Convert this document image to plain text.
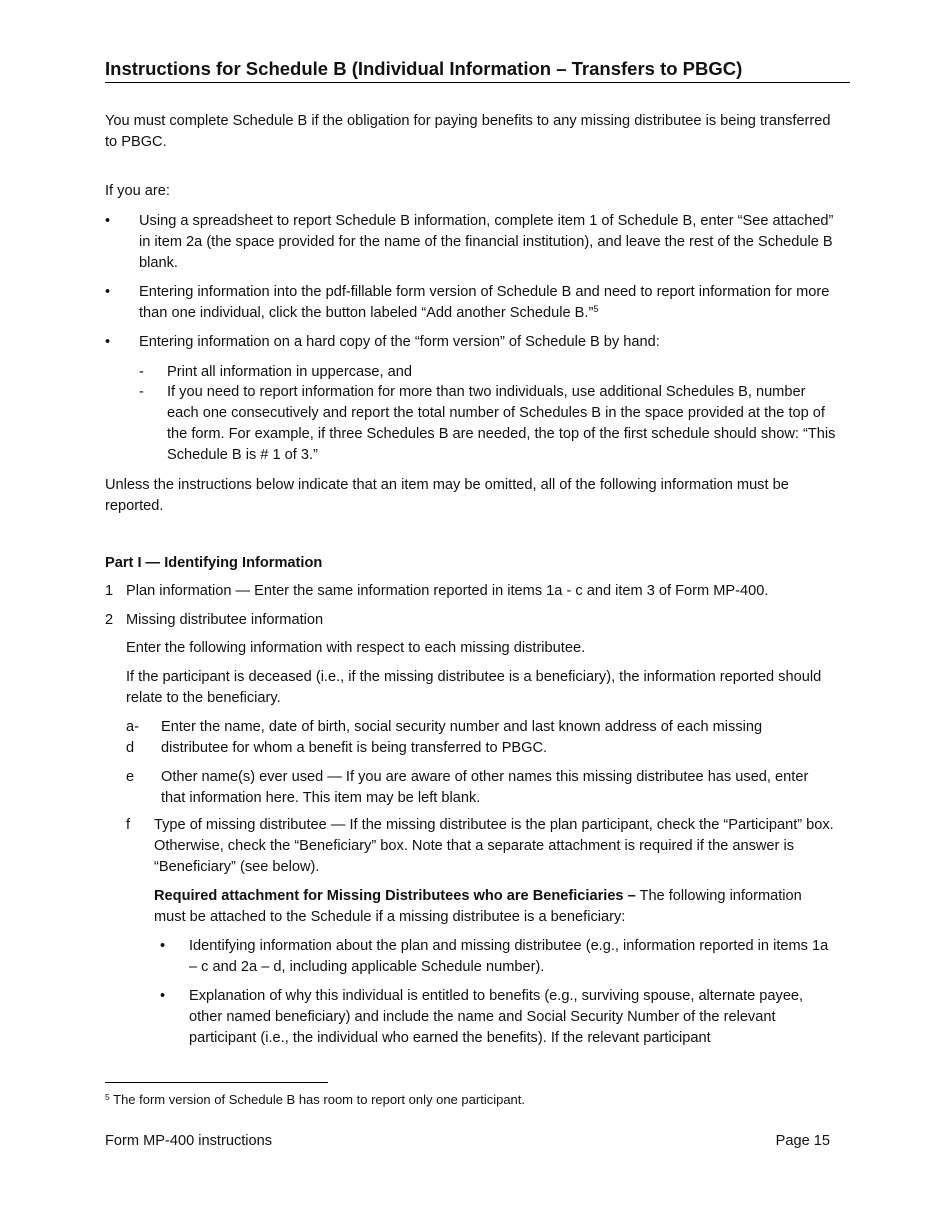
Instructions for Schedule B (Individual Information – Transfers to PBGC)

You must complete Schedule B if the obligation for paying benefits to any missing distributee is being transferred to PBGC.

If you are:

•	Using a spreadsheet to report Schedule B information, complete item 1 of Schedule B, enter “See attached” in item 2a (the space provided for the name of the financial institution), and leave the rest of the Schedule B blank.
•	Entering information into the pdf-fillable form version of Schedule B and need to report information for more than one individual, click the button labeled “Add another Schedule B.”$^5$
•	Entering information on a hard copy of the “form version” of Schedule B by hand:
- Print all information in uppercase, and
- If you need to report information for more than two individuals, use additional Schedules B, number each one consecutively and report the total number of Schedules B in the space provided at the top of the form. For example, if three Schedules B are needed, the top of the first schedule should show: “This Schedule B is # 1 of 3.”

Unless the instructions below indicate that an item may be omitted, all of the following information must be reported.

Part I — Identifying Information

1 Plan information — Enter the same information reported in items 1a - c and item 3 of Form MP-400.
2 Missing distributee information

Enter the following information with respect to each missing distributee.

If the participant is deceased (i.e., if the missing distributee is a beneficiary), the information reported should relate to the beneficiary.

a-d
Enter the name, date of birth, social security number and last known address of each missing distributee for whom a benefit is being transferred to PBGC.
e Other name(s) ever used — If you are aware of other names this missing distributee has used, enter that information here. This item may be left blank.
f Type of missing distributee — If the missing distributee is the plan participant, check the “Participant” box. Otherwise, check the “Beneficiary” box. Note that a separate attachment is required if the answer is “Beneficiary” (see below).

Required attachment for Missing Distributees who are Beneficiaries – The following information must be attached to the Schedule if a missing distributee is a beneficiary:

•	Identifying information about the plan and missing distributee (e.g., information reported in items 1a – c and 2a – d, including applicable Schedule number).
•	Explanation of why this individual is entitled to benefits (e.g., surviving spouse, alternate payee, other named beneficiary) and include the name and Social Security Number of the relevant participant (i.e., the individual who earned the benefits). If the relevant participant
$^5$ The form version of Schedule B has room to report only one participant.
Form MP-400 instructions	Page 15
